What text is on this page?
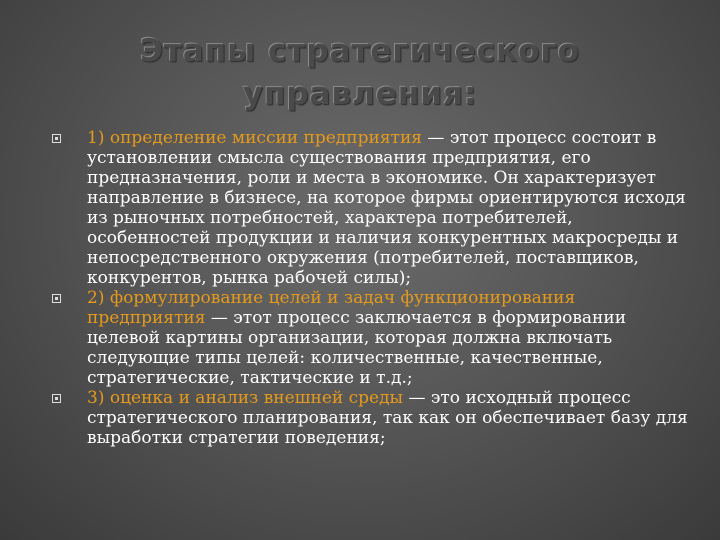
Этапы стратегического
управления:

1) определение миссии предприятия — этот процесс состоит в установлении смысла существования предприятия, его предназначения, роли и места в экономике. Он характеризует направление в бизнесе, на которое фирмы ориентируются исходя из рыночных потребностей, характера потребителей, особенностей продукции и наличия конкурентных макросреды и непосредственного окружения (потребителей, поставщиков, конкурентов, рынка рабочей силы);

2) формулирование целей и задач функционирования предприятия — этот процесс заключается в формировании целевой картины организации, которая должна включать следующие типы целей: количественные, качественные, стратегические, тактические и т.д.;

3) оценка и анализ внешней среды — это исходный процесс стратегического планирования, так как он обеспечивает базу для выработки стратегии поведения;
